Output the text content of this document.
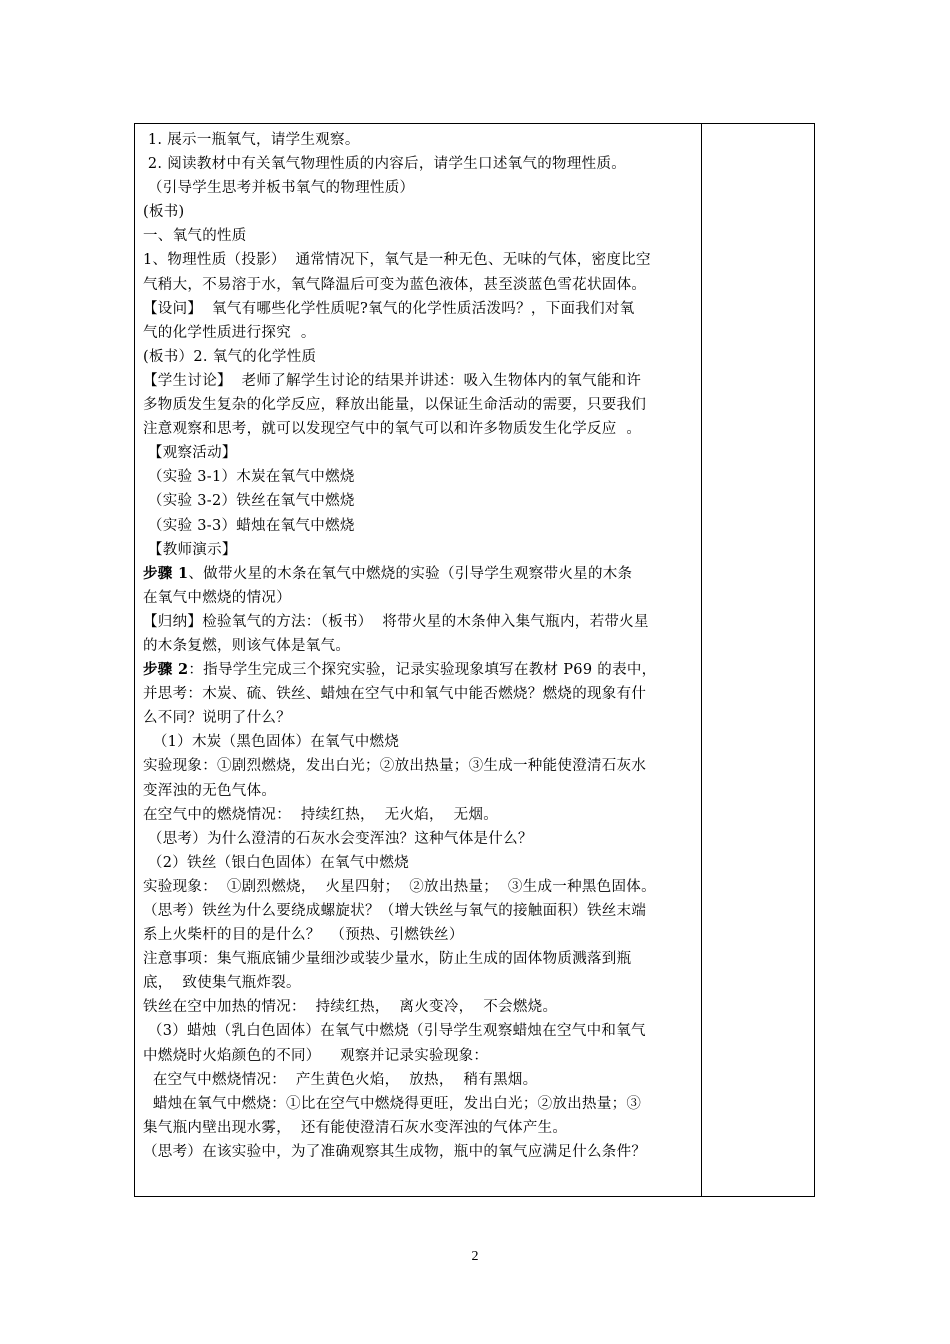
1. 展示一瓶氧气，请学生观察。
2. 阅读教材中有关氧气物理性质的内容后，请学生口述氧气的物理性质。
（引导学生思考并板书氧气的物理性质）
(板书)
一、氧气的性质
1、物理性质（投影）  通常情况下，氧气是一种无色、无味的气体，密度比空
气稍大，不易溶于水，氧气降温后可变为蓝色液体，甚至淡蓝色雪花状固体。
【设问】  氧气有哪些化学性质呢?氧气的化学性质活泼吗？，下面我们对氧
气的化学性质进行探究  。
(板书）2. 氧气的化学性质
【学生讨论】  老师了解学生讨论的结果并讲述：吸入生物体内的氧气能和许
多物质发生复杂的化学反应，释放出能量，以保证生命活动的需要，只要我们
注意观察和思考，就可以发现空气中的氧气可以和许多物质发生化学反应  。
【观察活动】
（实验 3-1）木炭在氧气中燃烧
（实验 3-2）铁丝在氧气中燃烧
（实验 3-3）蜡烛在氧气中燃烧
【教师演示】
步骤 1、做带火星的木条在氧气中燃烧的实验（引导学生观察带火星的木条
在氧气中燃烧的情况）
【归纳】检验氧气的方法：（板书）  将带火星的木条伸入集气瓶内，若带火星
的木条复燃，则该气体是氧气。
步骤 2：指导学生完成三个探究实验，记录实验现象填写在教材 P69 的表中，
并思考：木炭、硫、铁丝、蜡烛在空气中和氧气中能否燃烧？燃烧的现象有什
么不同？说明了什么？
（1）木炭（黑色固体）在氧气中燃烧
实验现象：①剧烈燃烧，发出白光；②放出热量；③生成一种能使澄清石灰水
变浑浊的无色气体。
在空气中的燃烧情况：  持续红热，  无火焰，  无烟。
（思考）为什么澄清的石灰水会变浑浊？这种气体是什么？
（2）铁丝（银白色固体）在氧气中燃烧
实验现象：  ①剧烈燃烧，  火星四射；  ②放出热量；  ③生成一种黑色固体。
（思考）铁丝为什么要绕成螺旋状？（增大铁丝与氧气的接触面积）铁丝末端
系上火柴杆的目的是什么？  （预热、引燃铁丝）
注意事项：集气瓶底铺少量细沙或装少量水，防止生成的固体物质溅落到瓶
底，  致使集气瓶炸裂。
铁丝在空中加热的情况：  持续红热，  离火变冷，  不会燃烧。
（3）蜡烛（乳白色固体）在氧气中燃烧（引导学生观察蜡烛在空气中和氧气
中燃烧时火焰颜色的不同）    观察并记录实验现象：
在空气中燃烧情况：  产生黄色火焰，  放热，  稍有黑烟。
蜡烛在氧气中燃烧：①比在空气中燃烧得更旺，发出白光；②放出热量；③
集气瓶内壁出现水雾，  还有能使澄清石灰水变浑浊的气体产生。
（思考）在该实验中，为了准确观察其生成物，瓶中的氧气应满足什么条件？
2
